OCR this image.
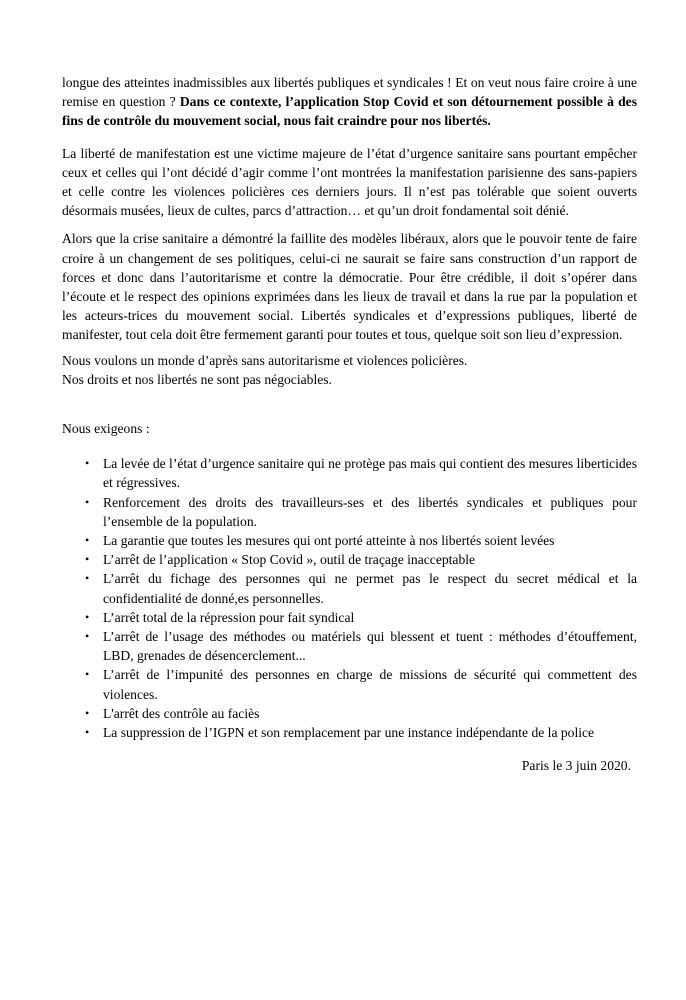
longue des atteintes inadmissibles aux libertés publiques et syndicales ! Et on veut nous faire croire à une remise en question ? Dans ce contexte, l’application Stop Covid et son détournement possible à des fins de contrôle du mouvement social, nous fait craindre pour nos libertés.

La liberté de manifestation est une victime majeure de l’état d’urgence sanitaire sans pourtant empêcher ceux et celles qui l’ont décidé d’agir comme l’ont montrées la manifestation parisienne des sans-papiers et celle contre les violences policières ces derniers jours. Il n’est pas tolérable que soient ouverts désormais musées, lieux de cultes, parcs d’attraction… et qu’un droit fondamental soit dénié.

Alors que la crise sanitaire a démontré la faillite des modèles libéraux, alors que le pouvoir tente de faire croire à un changement de ses politiques, celui-ci ne saurait se faire sans construction d’un rapport de forces et donc dans l’autoritarisme et contre la démocratie. Pour être crédible, il doit s’opérer dans l’écoute et le respect des opinions exprimées dans les lieux de travail et dans la rue par la population et les acteurs-trices du mouvement social. Libertés syndicales et d’expressions publiques, liberté de manifester, tout cela doit être fermement garanti pour toutes et tous, quelque soit son lieu d’expression.

Nous voulons un monde d’après sans autoritarisme et violences policières.
Nos droits et nos libertés ne sont pas négociables.

Nous exigeons :

• La levée de l’état d’urgence sanitaire qui ne protège pas mais qui contient des mesures liberticides et régressives.
• Renforcement des droits des travailleurs-ses et des libertés syndicales et publiques pour l’ensemble de la population.
• La garantie que toutes les mesures qui ont porté atteinte à nos libertés soient levées
• L’arrêt de l’application « Stop Covid », outil de traçage inacceptable
• L’arrêt du fichage des personnes qui ne permet pas le respect du secret médical et la confidentialité de donné,es personnelles.
• L’arrêt total de la répression pour fait syndical
• L’arrêt de l’usage des méthodes ou matériels qui blessent et tuent : méthodes d’étouffement, LBD, grenades de désencerclement...
• L’arrêt de l’impunité des personnes en charge de missions de sécurité qui commettent des violences.
• L'arrêt des contrôle au faciès
• La suppression de l’IGPN et son remplacement par une instance indépendante de la police

Paris le 3 juin 2020.
